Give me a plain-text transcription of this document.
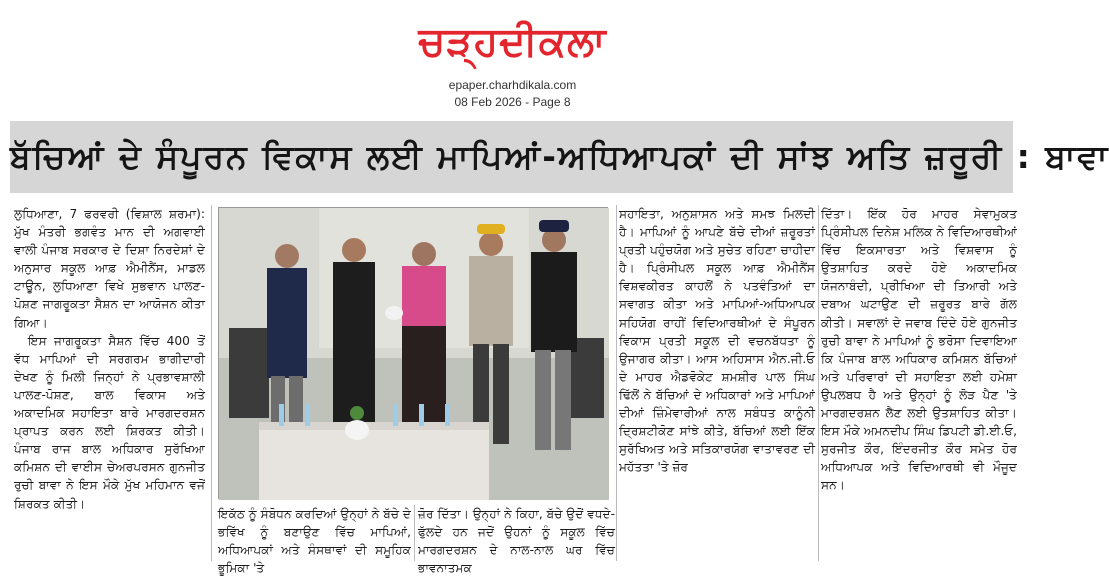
ਚੜ੍ਹਦੀਕਲਾ
epaper.charhdikala.com
08 Feb 2026 - Page 8
ਬੱਚਿਆਂ ਦੇ ਸੰਪੂਰਨ ਵਿਕਾਸ ਲਈ ਮਾਪਿਆਂ-ਅਧਿਆਪਕਾਂ ਦੀ ਸਾਂਝ ਅਤਿ ਜ਼ਰੂਰੀ : ਬਾਵਾ

ਲੁਧਿਆਣਾ, 7 ਫਰਵਰੀ (ਵਿਸ਼ਾਲ ਸ਼ਰਮਾ): ਮੁੱਖ ਮੰਤਰੀ ਭਗਵੰਤ ਮਾਨ ਦੀ ਅਗਵਾਈ ਵਾਲੀ ਪੰਜਾਬ ਸਰਕਾਰ ਦੇ ਦਿਸ਼ਾ ਨਿਰਦੇਸ਼ਾਂ ਦੇ ਅਨੁਸਾਰ ਸਕੂਲ ਆਫ਼ ਐਮੀਨੈਂਸ, ਮਾਡਲ ਟਾਊਨ, ਲੁਧਿਆਣਾ ਵਿਖੇ ਸੁਭਵਾਨ ਪਾਲਣ-ਪੋਸ਼ਣ ਜਾਗਰੂਕਤਾ ਸੈਸ਼ਨ ਦਾ ਆਯੋਜਨ ਕੀਤਾ ਗਿਆ।

ਇਸ ਜਾਗਰੂਕਤਾ ਸੈਸ਼ਨ ਵਿੱਚ 400 ਤੋਂ ਵੱਧ ਮਾਪਿਆਂ ਦੀ ਸਰਗਰਮ ਭਾਗੀਦਾਰੀ ਦੇਖਣ ਨੂੰ ਮਿਲੀ ਜਿਨ੍ਹਾਂ ਨੇ ਪ੍ਰਭਾਵਸ਼ਾਲੀ ਪਾਲਣ-ਪੋਸ਼ਣ, ਬਾਲ ਵਿਕਾਸ ਅਤੇ ਅਕਾਦਮਿਕ ਸਹਾਇਤਾ ਬਾਰੇ ਮਾਰਗਦਰਸ਼ਨ ਪ੍ਰਾਪਤ ਕਰਨ ਲਈ ਸ਼ਿਰਕਤ ਕੀਤੀ। ਪੰਜਾਬ ਰਾਜ ਬਾਲ ਅਧਿਕਾਰ ਸੁਰੱਖਿਆ ਕਮਿਸ਼ਨ ਦੀ ਵਾਈਸ ਚੇਅਰਪਰਸਨ ਗੁਨਜੀਤ ਰੁਚੀ ਬਾਵਾ ਨੇ ਇਸ ਮੌਕੇ ਮੁੱਖ ਮਹਿਮਾਨ ਵਜੋਂ ਸ਼ਿਰਕਤ ਕੀਤੀ।

ਇਕੱਠ ਨੂੰ ਸੰਬੋਧਨ ਕਰਦਿਆਂ ਉਨ੍ਹਾਂ ਨੇ ਬੱਚੇ ਦੇ ਭਵਿੱਖ ਨੂੰ ਬਣਾਉਣ ਵਿੱਚ ਮਾਪਿਆਂ, ਅਧਿਆਪਕਾਂ ਅਤੇ ਸੰਸਥਾਵਾਂ ਦੀ ਸਮੂਹਿਕ ਭੂਮਿਕਾ 'ਤੇ

ਜ਼ੋਰ ਦਿੱਤਾ। ਉਨ੍ਹਾਂ ਨੇ ਕਿਹਾ, ਬੱਚੇ ਉਦੋਂ ਵਧਦੇ-ਫੁੱਲਦੇ ਹਨ ਜਦੋਂ ਉਹਨਾਂ ਨੂੰ ਸਕੂਲ ਵਿੱਚ ਮਾਰਗਦਰਸ਼ਨ ਦੇ ਨਾਲ-ਨਾਲ ਘਰ ਵਿੱਚ ਭਾਵਨਾਤਮਕ

ਸਹਾਇਤਾ, ਅਨੁਸ਼ਾਸਨ ਅਤੇ ਸਮਝ ਮਿਲਦੀ ਹੈ। ਮਾਪਿਆਂ ਨੂੰ ਆਪਣੇ ਬੱਚੇ ਦੀਆਂ ਜ਼ਰੂਰਤਾਂ ਪ੍ਰਤੀ ਪਹੁੰਚਯੋਗ ਅਤੇ ਸੁਚੇਤ ਰਹਿਣਾ ਚਾਹੀਦਾ ਹੈ। ਪ੍ਰਿੰਸੀਪਲ ਸਕੂਲ ਆਫ਼ ਐਮੀਨੈਂਸ ਵਿਸ਼ਵਕੀਰਤ ਕਾਹਲੋਂ ਨੇ ਪਤਵੰਤਿਆਂ ਦਾ ਸਵਾਗਤ ਕੀਤਾ ਅਤੇ ਮਾਪਿਆਂ-ਅਧਿਆਪਕ ਸਹਿਯੋਗ ਰਾਹੀਂ ਵਿਦਿਆਰਥੀਆਂ ਦੇ ਸੰਪੂਰਨ ਵਿਕਾਸ ਪ੍ਰਤੀ ਸਕੂਲ ਦੀ ਵਚਨਬੱਧਤਾ ਨੂੰ ਉਜਾਗਰ ਕੀਤਾ। ਆਸ ਅਹਿਸਾਸ ਐਨ.ਜੀ.ਓ ਦੇ ਮਾਹਰ ਐਡਵੋਕੇਟ ਸ਼ਮਸ਼ੀਰ ਪਾਲ ਸਿੰਘ ਢਿੱਲੋਂ ਨੇ ਬੱਚਿਆਂ ਦੇ ਅਧਿਕਾਰਾਂ ਅਤੇ ਮਾਪਿਆਂ ਦੀਆਂ ਜ਼ਿੰਮੇਵਾਰੀਆਂ ਨਾਲ ਸਬੰਧਤ ਕਾਨੂੰਨੀ ਦ੍ਰਿਸ਼ਟੀਕੋਣ ਸਾਂਝੇ ਕੀਤੇ, ਬੱਚਿਆਂ ਲਈ ਇੱਕ ਸੁਰੱਖਿਅਤ ਅਤੇ ਸਤਿਕਾਰਯੋਗ ਵਾਤਾਵਰਣ ਦੀ ਮਹੱਤਤਾ 'ਤੇ ਜ਼ੋਰ

ਦਿੱਤਾ। ਇੱਕ ਹੋਰ ਮਾਹਰ ਸੇਵਾਮੁਕਤ ਪ੍ਰਿੰਸੀਪਲ ਦਿਨੇਸ਼ ਮਲਿਕ ਨੇ ਵਿਦਿਆਰਥੀਆਂ ਵਿੱਚ ਇਕਸਾਰਤਾ ਅਤੇ ਵਿਸ਼ਵਾਸ ਨੂੰ ਉਤਸ਼ਾਹਿਤ ਕਰਦੇ ਹੋਏ ਅਕਾਦਮਿਕ ਯੋਜਨਾਬੰਦੀ, ਪ੍ਰੀਖਿਆ ਦੀ ਤਿਆਰੀ ਅਤੇ ਦਬਾਅ ਘਟਾਉਣ ਦੀ ਜ਼ਰੂਰਤ ਬਾਰੇ ਗੱਲ ਕੀਤੀ। ਸਵਾਲਾਂ ਦੇ ਜਵਾਬ ਦਿੰਦੇ ਹੋਏ ਗੁਨਜੀਤ ਰੁਚੀ ਬਾਵਾ ਨੇ ਮਾਪਿਆਂ ਨੂੰ ਭਰੋਸਾ ਦਿਵਾਇਆ ਕਿ ਪੰਜਾਬ ਬਾਲ ਅਧਿਕਾਰ ਕਮਿਸ਼ਨ ਬੱਚਿਆਂ ਅਤੇ ਪਰਿਵਾਰਾਂ ਦੀ ਸਹਾਇਤਾ ਲਈ ਹਮੇਸ਼ਾ ਉਪਲਬਧ ਹੈ ਅਤੇ ਉਨ੍ਹਾਂ ਨੂੰ ਲੋੜ ਪੈਣ 'ਤੇ ਮਾਰਗਦਰਸ਼ਨ ਲੈਣ ਲਈ ਉਤਸ਼ਾਹਿਤ ਕੀਤਾ। ਇਸ ਮੌਕੇ ਅਮਨਦੀਪ ਸਿੰਘ ਡਿਪਟੀ ਡੀ.ਈ.ਓ, ਸੁਰਜੀਤ ਕੌਰ, ਇੰਦਰਜੀਤ ਕੌਰ ਸਮੇਤ ਹੋਰ ਅਧਿਆਪਕ ਅਤੇ ਵਿਦਿਆਰਥੀ ਵੀ ਮੌਜੂਦ ਸਨ।
